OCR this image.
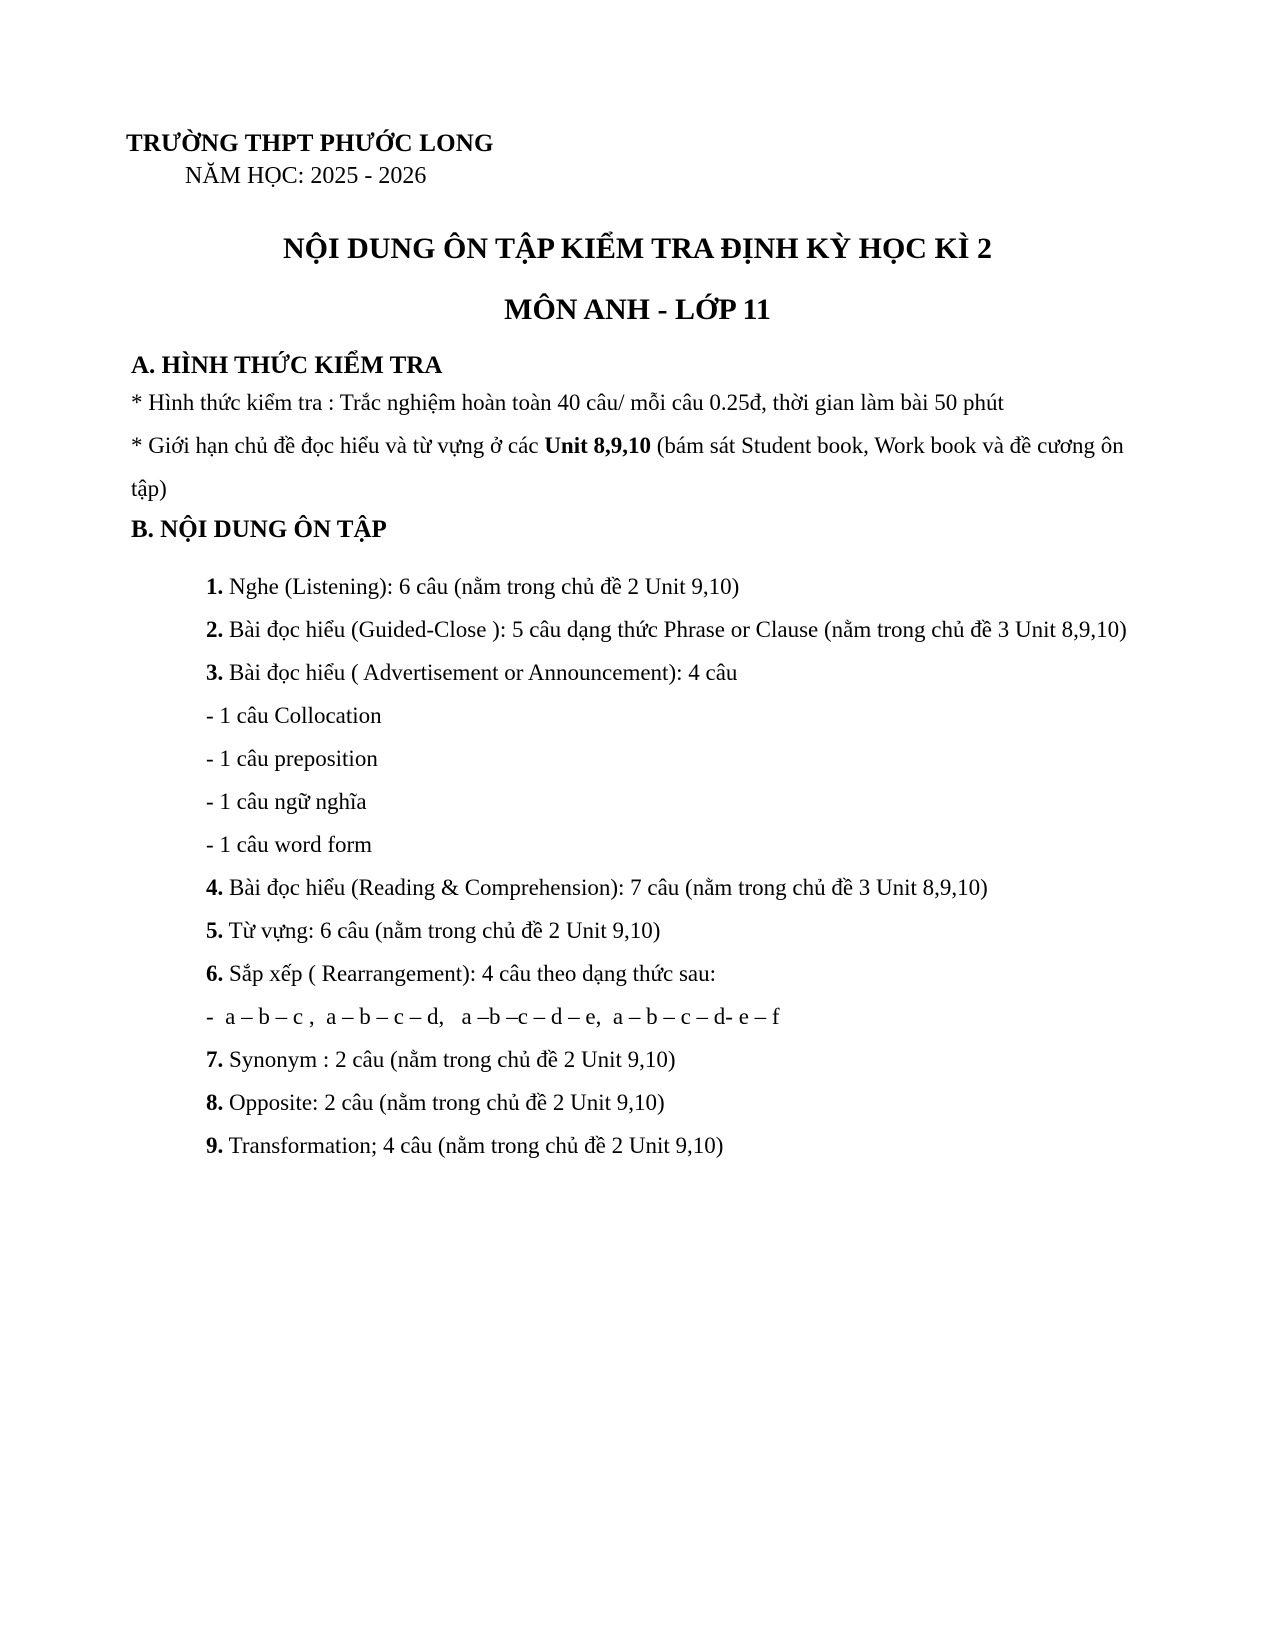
TRƯỜNG THPT PHƯỚC LONG
NĂM HỌC: 2025 - 2026
NỘI DUNG ÔN TẬP KIỂM TRA ĐỊNH KỲ HỌC KÌ 2
MÔN ANH - LỚP 11
A. HÌNH THỨC KIỂM TRA
* Hình thức kiểm tra : Trắc nghiệm hoàn toàn 40 câu/ mỗi câu 0.25đ, thời gian làm bài 50 phút
* Giới hạn chủ đề đọc hiểu và từ vựng ở các Unit 8,9,10 (bám sát Student book, Work book và đề cương ôn tập)
B. NỘI DUNG ÔN TẬP

1. Nghe (Listening): 6 câu (nằm trong chủ đề 2 Unit 9,10)

2. Bài đọc hiểu (Guided-Close ): 5 câu dạng thức Phrase or Clause (nằm trong chủ đề 3 Unit 8,9,10)

3. Bài đọc hiểu ( Advertisement or Announcement): 4 câu

- 1 câu Collocation

- 1 câu preposition

- 1 câu ngữ nghĩa

- 1 câu word form

4. Bài đọc hiểu (Reading & Comprehension): 7 câu (nằm trong chủ đề 3 Unit 8,9,10)

5. Từ vựng: 6 câu (nằm trong chủ đề 2 Unit 9,10)

6. Sắp xếp ( Rearrangement): 4 câu theo dạng thức sau:

-  a – b – c ,  a – b – c – d,   a –b –c – d – e,  a – b – c – d- e – f

7. Synonym : 2 câu (nằm trong chủ đề 2 Unit 9,10)

8. Opposite: 2 câu (nằm trong chủ đề 2 Unit 9,10)

9. Transformation; 4 câu (nằm trong chủ đề 2 Unit 9,10)
